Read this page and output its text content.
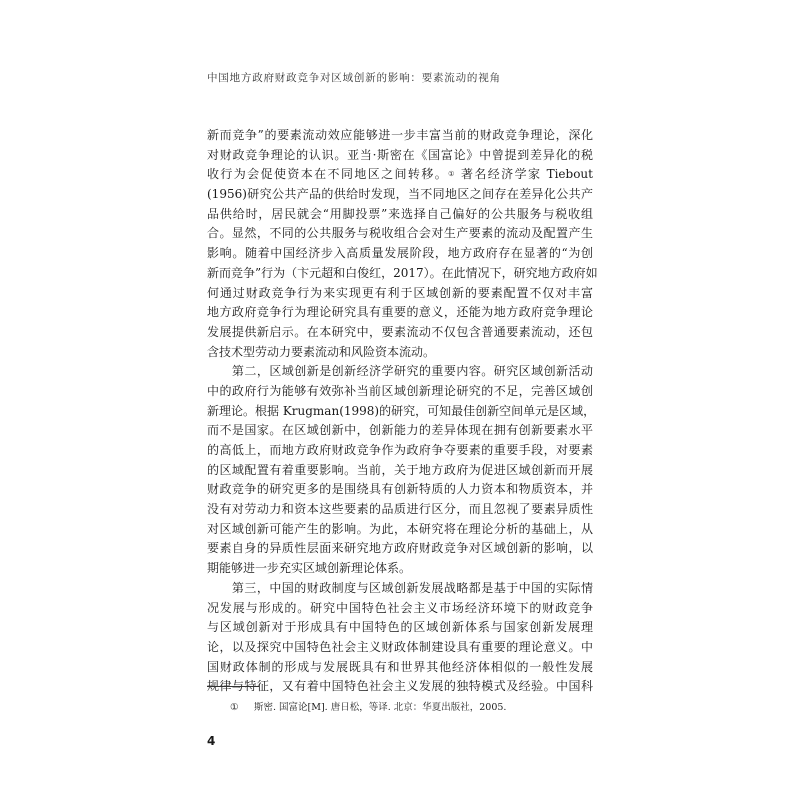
中国地方政府财政竞争对区域创新的影响：要素流动的视角
新而竞争”的要素流动效应能够进一步丰富当前的财政竞争理论，深化
对财政竞争理论的认识。亚当·斯密在《国富论》中曾提到差异化的税
收行为会促使资本在不同地区之间转移。① 著名经济学家 Tiebout
(1956)研究公共产品的供给时发现，当不同地区之间存在差异化公共产
品供给时，居民就会“用脚投票”来选择自己偏好的公共服务与税收组
合。显然，不同的公共服务与税收组合会对生产要素的流动及配置产生
影响。随着中国经济步入高质量发展阶段，地方政府存在显著的“为创
新而竞争”行为（卞元超和白俊红，2017）。在此情况下，研究地方政府如
何通过财政竞争行为来实现更有利于区域创新的要素配置不仅对丰富
地方政府竞争行为理论研究具有重要的意义，还能为地方政府竞争理论
发展提供新启示。在本研究中，要素流动不仅包含普通要素流动，还包
含技术型劳动力要素流动和风险资本流动。
　　第二，区域创新是创新经济学研究的重要内容。研究区域创新活动
中的政府行为能够有效弥补当前区域创新理论研究的不足，完善区域创
新理论。根据 Krugman(1998)的研究，可知最佳创新空间单元是区域，
而不是国家。在区域创新中，创新能力的差异体现在拥有创新要素水平
的高低上，而地方政府财政竞争作为政府争夺要素的重要手段，对要素
的区域配置有着重要影响。当前，关于地方政府为促进区域创新而开展
财政竞争的研究更多的是围绕具有创新特质的人力资本和物质资本，并
没有对劳动力和资本这些要素的品质进行区分，而且忽视了要素异质性
对区域创新可能产生的影响。为此，本研究将在理论分析的基础上，从
要素自身的异质性层面来研究地方政府财政竞争对区域创新的影响，以
期能够进一步充实区域创新理论体系。
　　第三，中国的财政制度与区域创新发展战略都是基于中国的实际情
况发展与形成的。研究中国特色社会主义市场经济环境下的财政竞争
与区域创新对于形成具有中国特色的区域创新体系与国家创新发展理
论，以及探究中国特色社会主义财政体制建设具有重要的理论意义。中
国财政体制的形成与发展既具有和世界其他经济体相似的一般性发展
规律与特征，又有着中国特色社会主义发展的独特模式及经验。中国科
① 斯密. 国富论[M]. 唐日松，等译. 北京：华夏出版社，2005.
4
